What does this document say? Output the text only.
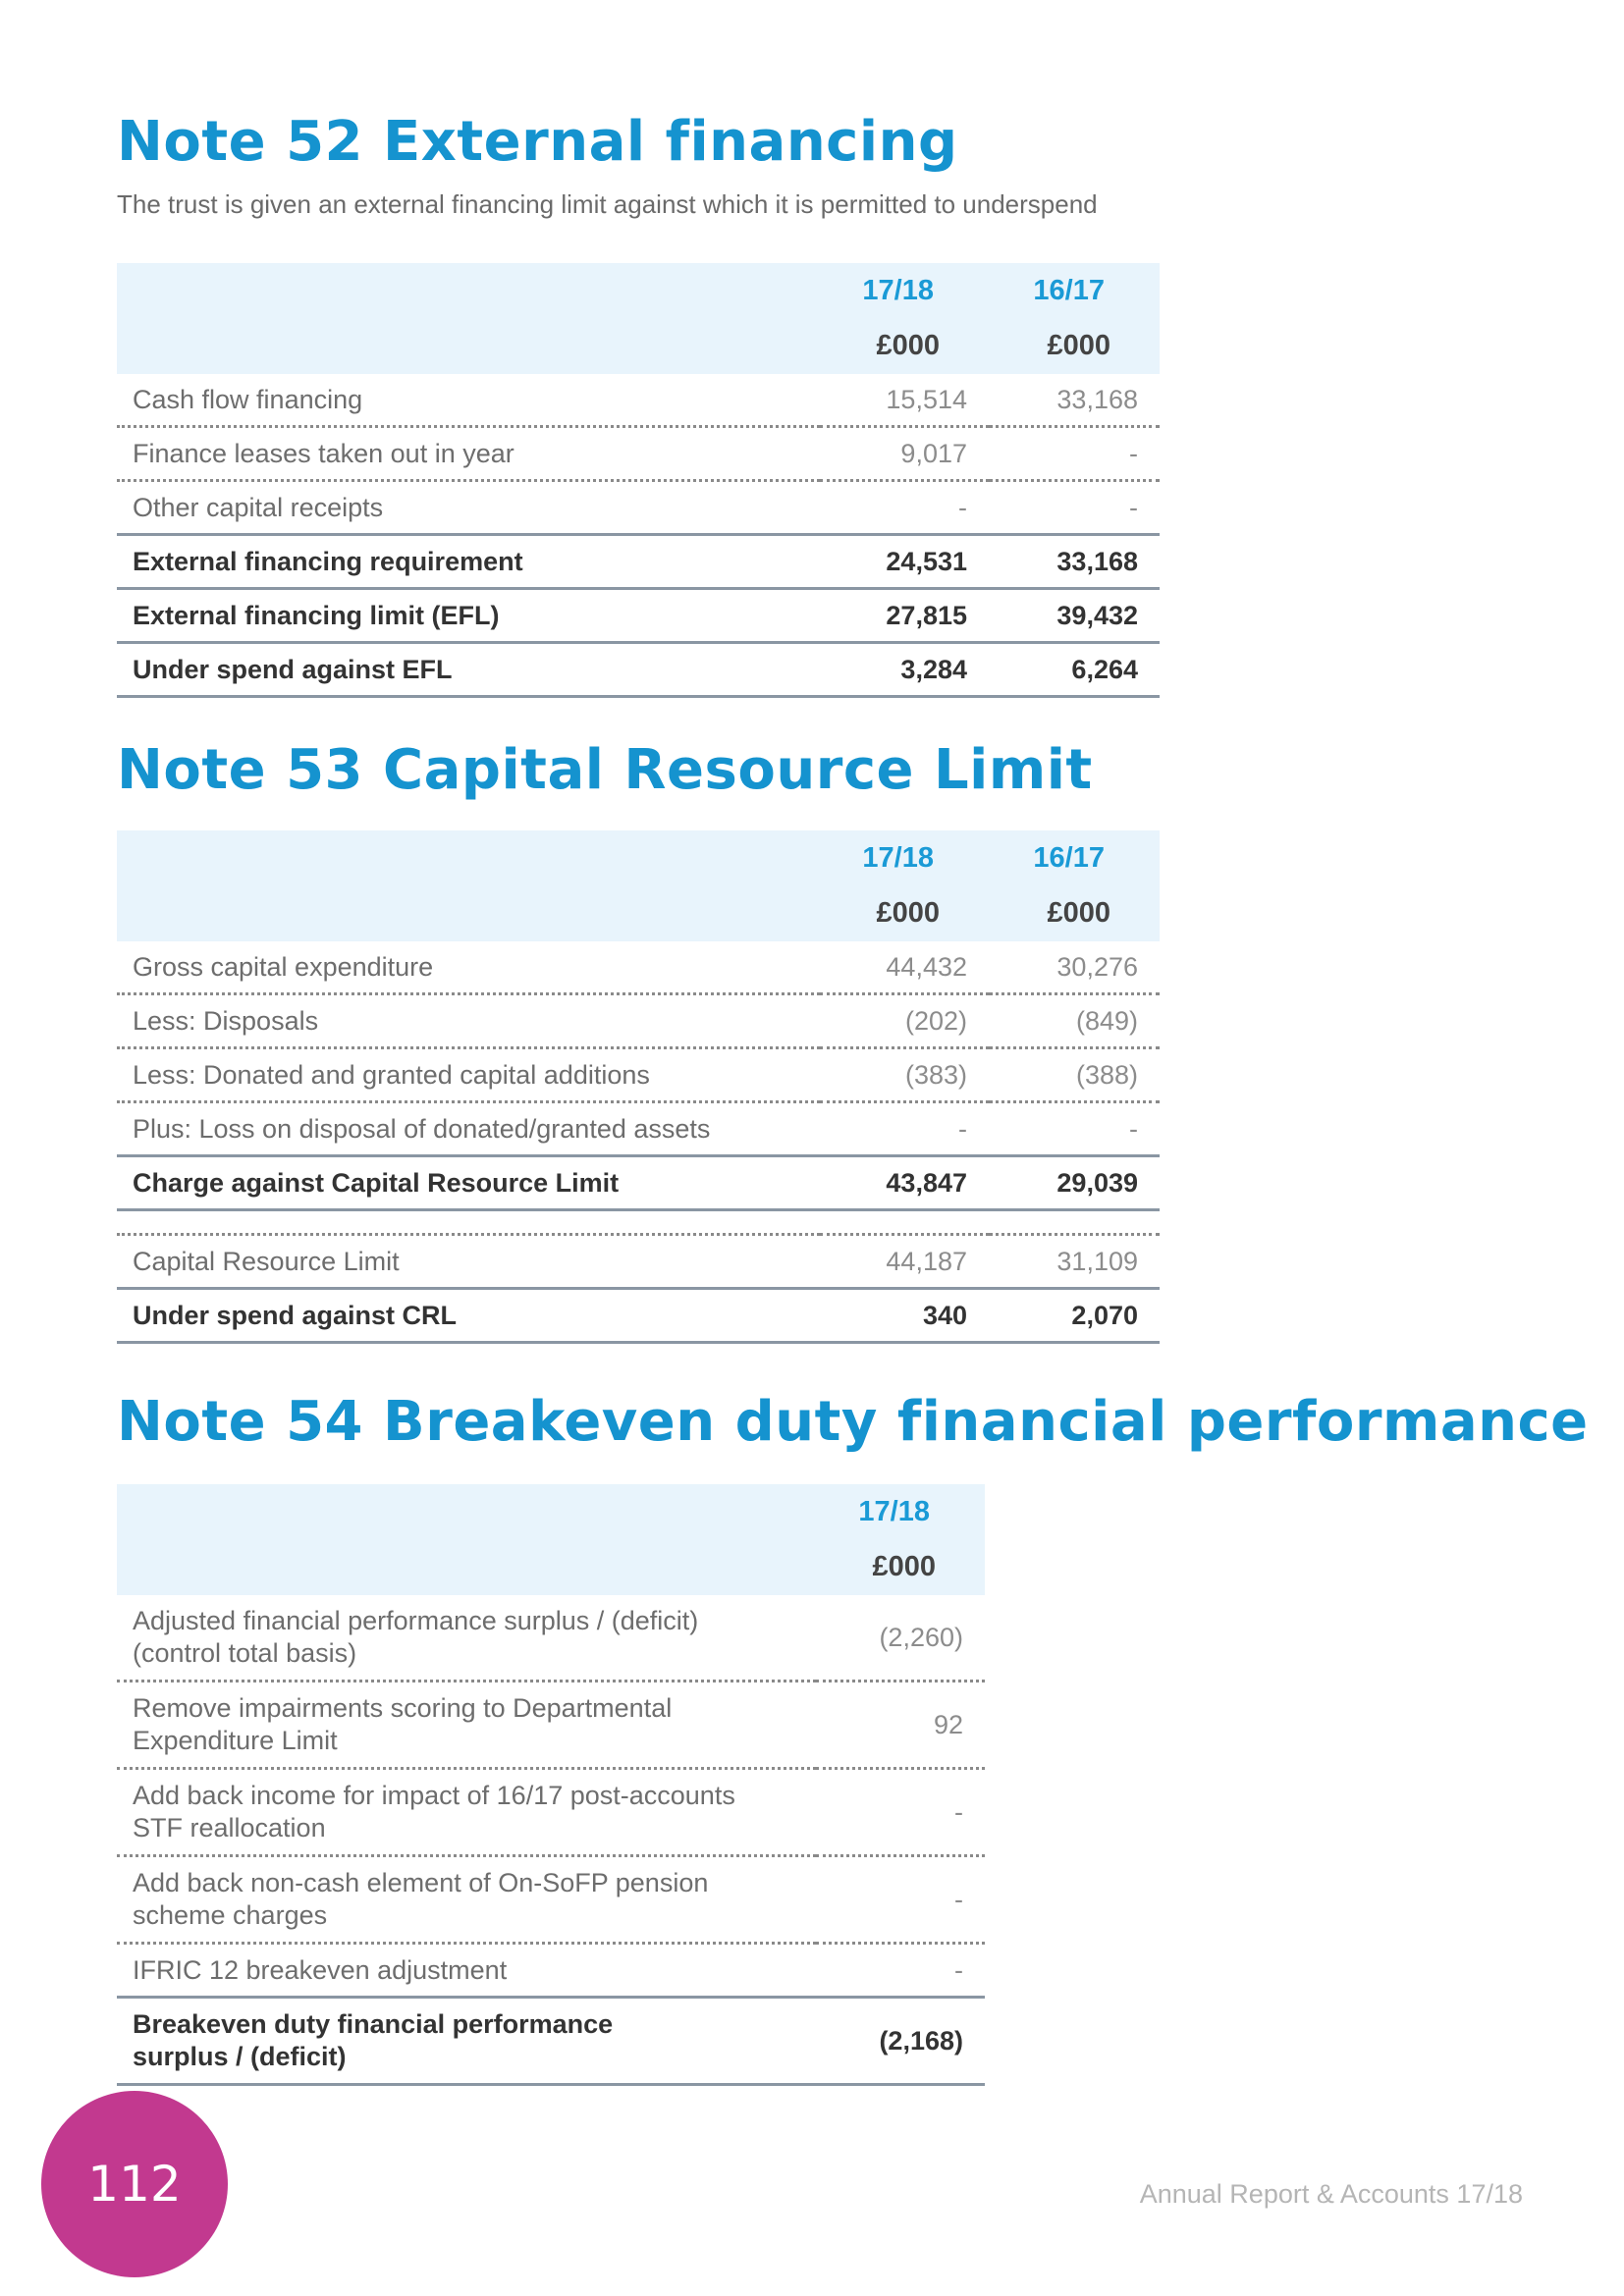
Note 52 External financing

The trust is given an external financing limit against which it is permitted to underspend

	17/18	16/17
	£000	£000
Cash flow financing	15,514	33,168
Finance leases taken out in year	9,017	-
Other capital receipts	-	-
External financing requirement	24,531	33,168
External financing limit (EFL)	27,815	39,432
Under spend against EFL	3,284	6,264
Note 53 Capital Resource Limit
	17/18	16/17
	£000	£000
Gross capital expenditure	44,432	30,276
Less: Disposals	(202)	(849)
Less: Donated and granted capital additions	(383)	(388)
Plus: Loss on disposal of donated/granted assets	-	-
Charge against Capital Resource Limit	43,847	29,039

Capital Resource Limit	44,187	31,109
Under spend against CRL	340	2,070
Note 54 Breakeven duty financial performance
	17/18
	£000
Adjusted financial performance surplus / (deficit) (control total basis)	(2,260)
Remove impairments scoring to Departmental Expenditure Limit	92
Add back income for impact of 16/17 post-accounts STF reallocation	-
Add back non-cash element of On-SoFP pension scheme charges	-
IFRIC 12 breakeven adjustment	-
Breakeven duty financial performance surplus / (deficit)	(2,168)
112	Annual Report & Accounts 17/18
